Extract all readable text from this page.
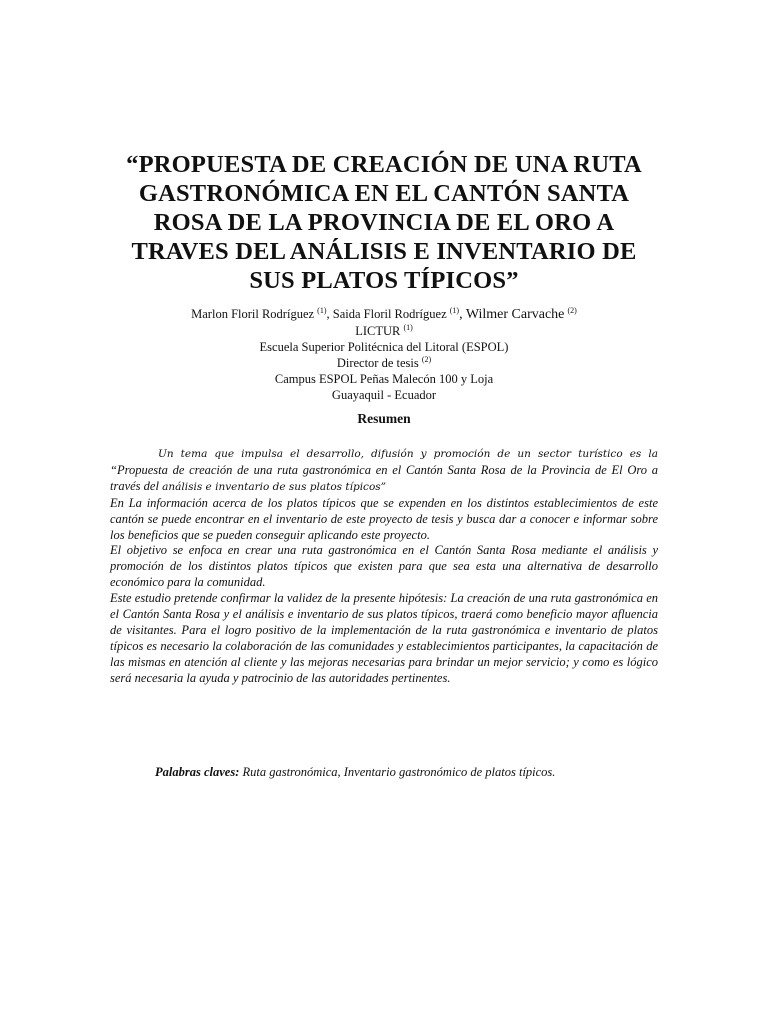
“PROPUESTA DE CREACIÓN DE UNA RUTA
GASTRONÓMICA EN EL CANTÓN SANTA
ROSA DE LA PROVINCIA DE EL ORO A
TRAVES DEL ANÁLISIS E INVENTARIO DE
SUS PLATOS TÍPICOS”
Marlon Floril Rodríguez $^{(1)}$, Saida Floril Rodríguez $^{(1)}$, Wilmer Carvache $^{(2)}$
LICTUR $^{(1)}$
Escuela Superior Politécnica del Litoral (ESPOL)
Director de tesis $^{(2)}$
Campus ESPOL Peñas Malecón 100 y Loja
Guayaquil - Ecuador
Resumen

Un tema que impulsa el desarrollo, difusión y promoción de un sector turístico es la “Propuesta de creación de una ruta gastronómica en el Cantón Santa Rosa de la Provincia de El Oro a través del análisis e inventario de sus platos típicos”

En La información acerca de los platos típicos que se expenden en los distintos establecimientos de este cantón se puede encontrar en el inventario de este proyecto de tesis y busca dar a conocer e informar sobre los beneficios que se pueden conseguir aplicando este proyecto.

El objetivo se enfoca en crear una ruta gastronómica en el Cantón Santa Rosa mediante el análisis y promoción de los distintos platos típicos que existen para que sea esta una alternativa de desarrollo económico para la comunidad.

Este estudio pretende confirmar la validez de la presente hipótesis: La creación de una ruta gastronómica en el Cantón Santa Rosa y el análisis e inventario de sus platos típicos, traerá como beneficio mayor afluencia de visitantes. Para el logro positivo de la implementación de la ruta gastronómica e inventario de platos típicos es necesario la colaboración de las comunidades y establecimientos participantes, la capacitación de las mismas en atención al cliente y las mejoras necesarias para brindar un mejor servicio; y como es lógico será necesaria la ayuda y patrocinio de las autoridades pertinentes.

Palabras claves: Ruta gastronómica, Inventario gastronómico de platos típicos.
